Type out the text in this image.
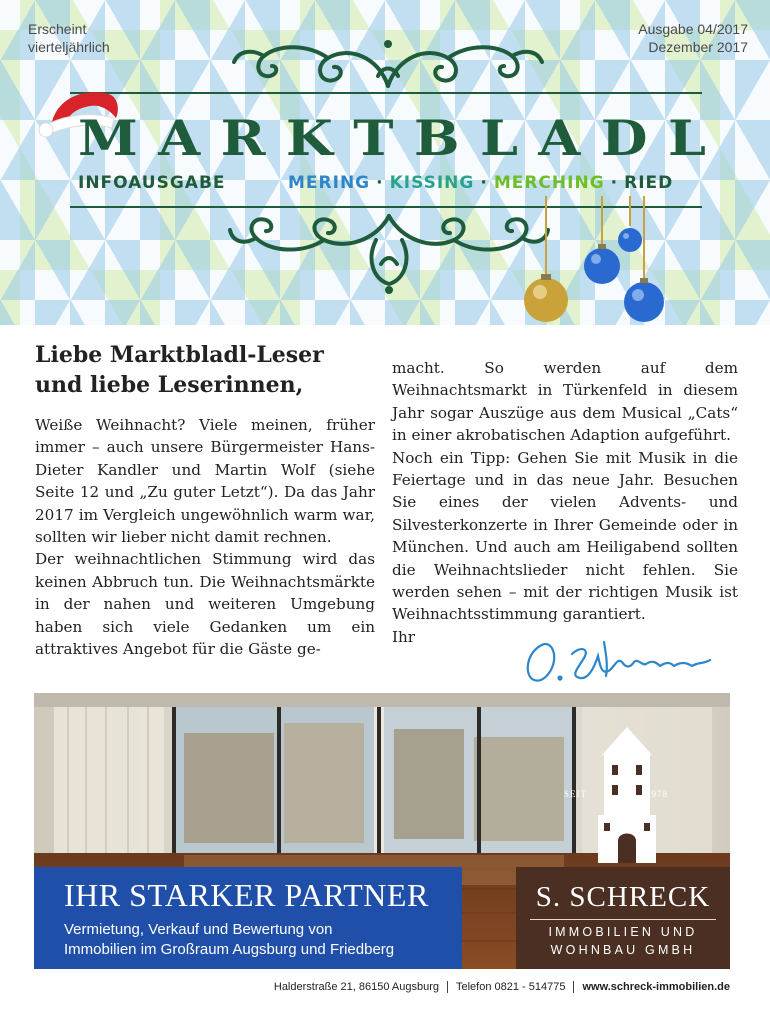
Erscheint
vierteljährlich
Ausgabe 04/2017
Dezember 2017
M A R K T B L A D L
INFOAUSGABE	MERING · KISSING · MERCHING · RIED
Liebe Marktbladl-Leser und liebe Leserinnen,

Weiße Weihnacht? Viele meinen, früher immer – auch unsere Bürgermeister Hans-Dieter Kandler und Martin Wolf (siehe Seite 12 und „Zu guter Letzt“). Da das Jahr 2017 im Vergleich ungewöhnlich warm war, sollten wir lieber nicht damit rechnen.

Der weihnachtlichen Stimmung wird das keinen Abbruch tun. Die Weihnachtsmärkte in der nahen und weiteren Umgebung haben sich viele Gedanken um ein attraktives Angebot für die Gäste ge-

macht. So werden auf dem Weihnachtsmarkt in Türkenfeld in diesem Jahr sogar Auszüge aus dem Musical „Cats“ in einer akrobatischen Adaption aufgeführt.

Noch ein Tipp: Gehen Sie mit Musik in die Feiertage und in das neue Jahr. Besuchen Sie eines der vielen Advents- und Silvesterkonzerte in Ihrer Gemeinde oder in München. Und auch am Heiligabend sollten die Weihnachtslieder nicht fehlen. Sie werden sehen – mit der richtigen Musik ist Weihnachtsstimmung garantiert.

Ihr

SEIT	1978
IHR STARKER PARTNER
Vermietung, Verkauf und Bewertung von
Immobilien im Großraum Augsburg und Friedberg
S. SCHRECK
IMMOBILIEN UND
WOHNBAU GMBH
Halderstraße 21, 86150 Augsburg Telefon 0821 - 514775 www.schreck-immobilien.de
